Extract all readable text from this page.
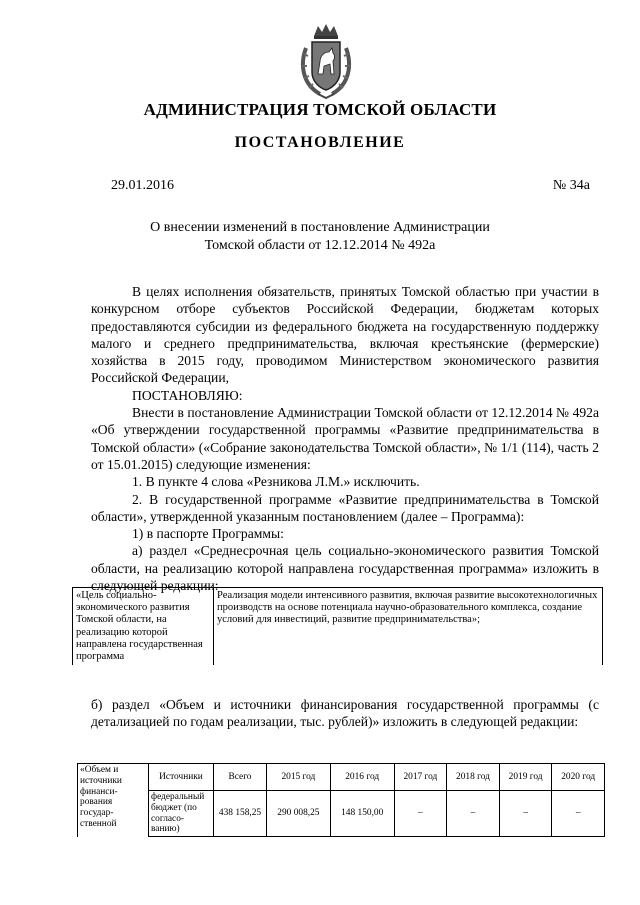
АДМИНИСТРАЦИЯ ТОМСКОЙ ОБЛАСТИ
ПОСТАНОВЛЕНИЕ
29.01.2016	№ 34а
О внесении изменений в постановление Администрации
Томской области от 12.12.2014 № 492а

В целях исполнения обязательств, принятых Томской областью при участии в конкурсном отборе субъектов Российской Федерации, бюджетам которых предоставляются субсидии из федерального бюджета на государственную поддержку малого и среднего предпринимательства, включая крестьянские (фермерские) хозяйства в 2015 году, проводимом Министерством экономического развития Российской Федерации,

ПОСТАНОВЛЯЮ:

Внести в постановление Администрации Томской области от 12.12.2014 № 492а «Об утверждении государственной программы «Развитие предпринимательства в Томской области» («Собрание законодательства Томской области», № 1/1 (114), часть 2 от 15.01.2015) следующие изменения:

1. В пункте 4 слова «Резникова Л.М.» исключить.

2. В государственной программе «Развитие предпринимательства в Томской области», утвержденной указанным постановлением (далее – Программа):

1) в паспорте Программы:

а) раздел «Среднесрочная цель социально-экономического развития Томской области, на реализацию которой направлена государственная программа» изложить в следующей редакции:

«Цель социально-экономического развития Томской области, на реализацию которой направлена государственная программа	Реализация модели интенсивного развития, включая развитие высокотехнологичных производств на основе потенциала научно-образовательного комплекса, создание условий для инвестиций, развитие предпринимательства»;

б) раздел «Объем и источники финансирования государственной программы (с детализацией по годам реализации, тыс. рублей)» изложить в следующей редакции:

«Объем и источники финанси-рования государ-ственной	Источники	Всего	2015 год	2016 год	2017 год	2018 год	2019 год	2020 год
	федеральный бюджет (по согласо-ванию)	438 158,25	290 008,25	148 150,00	–	–	–	–
